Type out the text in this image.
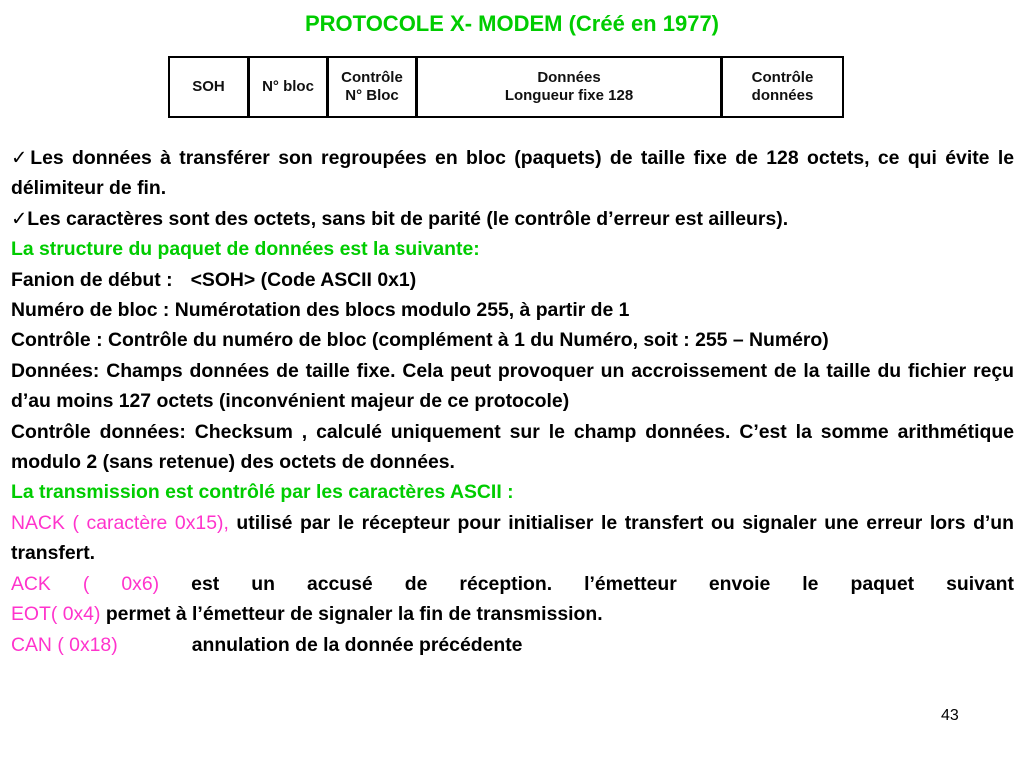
PROTOCOLE X- MODEM (Créé en 1977)
SOH N° bloc
Contrôle
N° Bloc
Données
Longueur fixe 128
Contrôle
données

✓Les données à transférer son regroupées en bloc (paquets) de taille fixe de 128 octets, ce qui évite le délimiteur de fin.

✓Les caractères sont des octets, sans bit de parité (le contrôle d’erreur est ailleurs).

La structure du paquet de données est la suivante:

Fanion de début : <SOH> (Code ASCII 0x1)

Numéro de bloc : Numérotation des blocs modulo 255, à partir de 1

Contrôle : Contrôle du numéro de bloc (complément à 1 du Numéro, soit : 255 – Numéro)

Données: Champs données de taille fixe. Cela peut provoquer un accroissement de la taille du fichier reçu d’au moins 127 octets (inconvénient majeur de ce protocole)

Contrôle données: Checksum , calculé uniquement sur le champ données. C’est la somme arithmétique modulo 2 (sans retenue) des octets de données.

La transmission est contrôlé par les caractères ASCII :

NACK ( caractère 0x15), utilisé par le récepteur pour initialiser le transfert ou signaler une erreur lors d’un transfert.

ACK ( 0x6) est un accusé de réception. l’émetteur envoie le paquet suivant

EOT( 0x4) permet à l’émetteur de signaler la fin de transmission.

CAN ( 0x18)	annulation de la donnée précédente

43
